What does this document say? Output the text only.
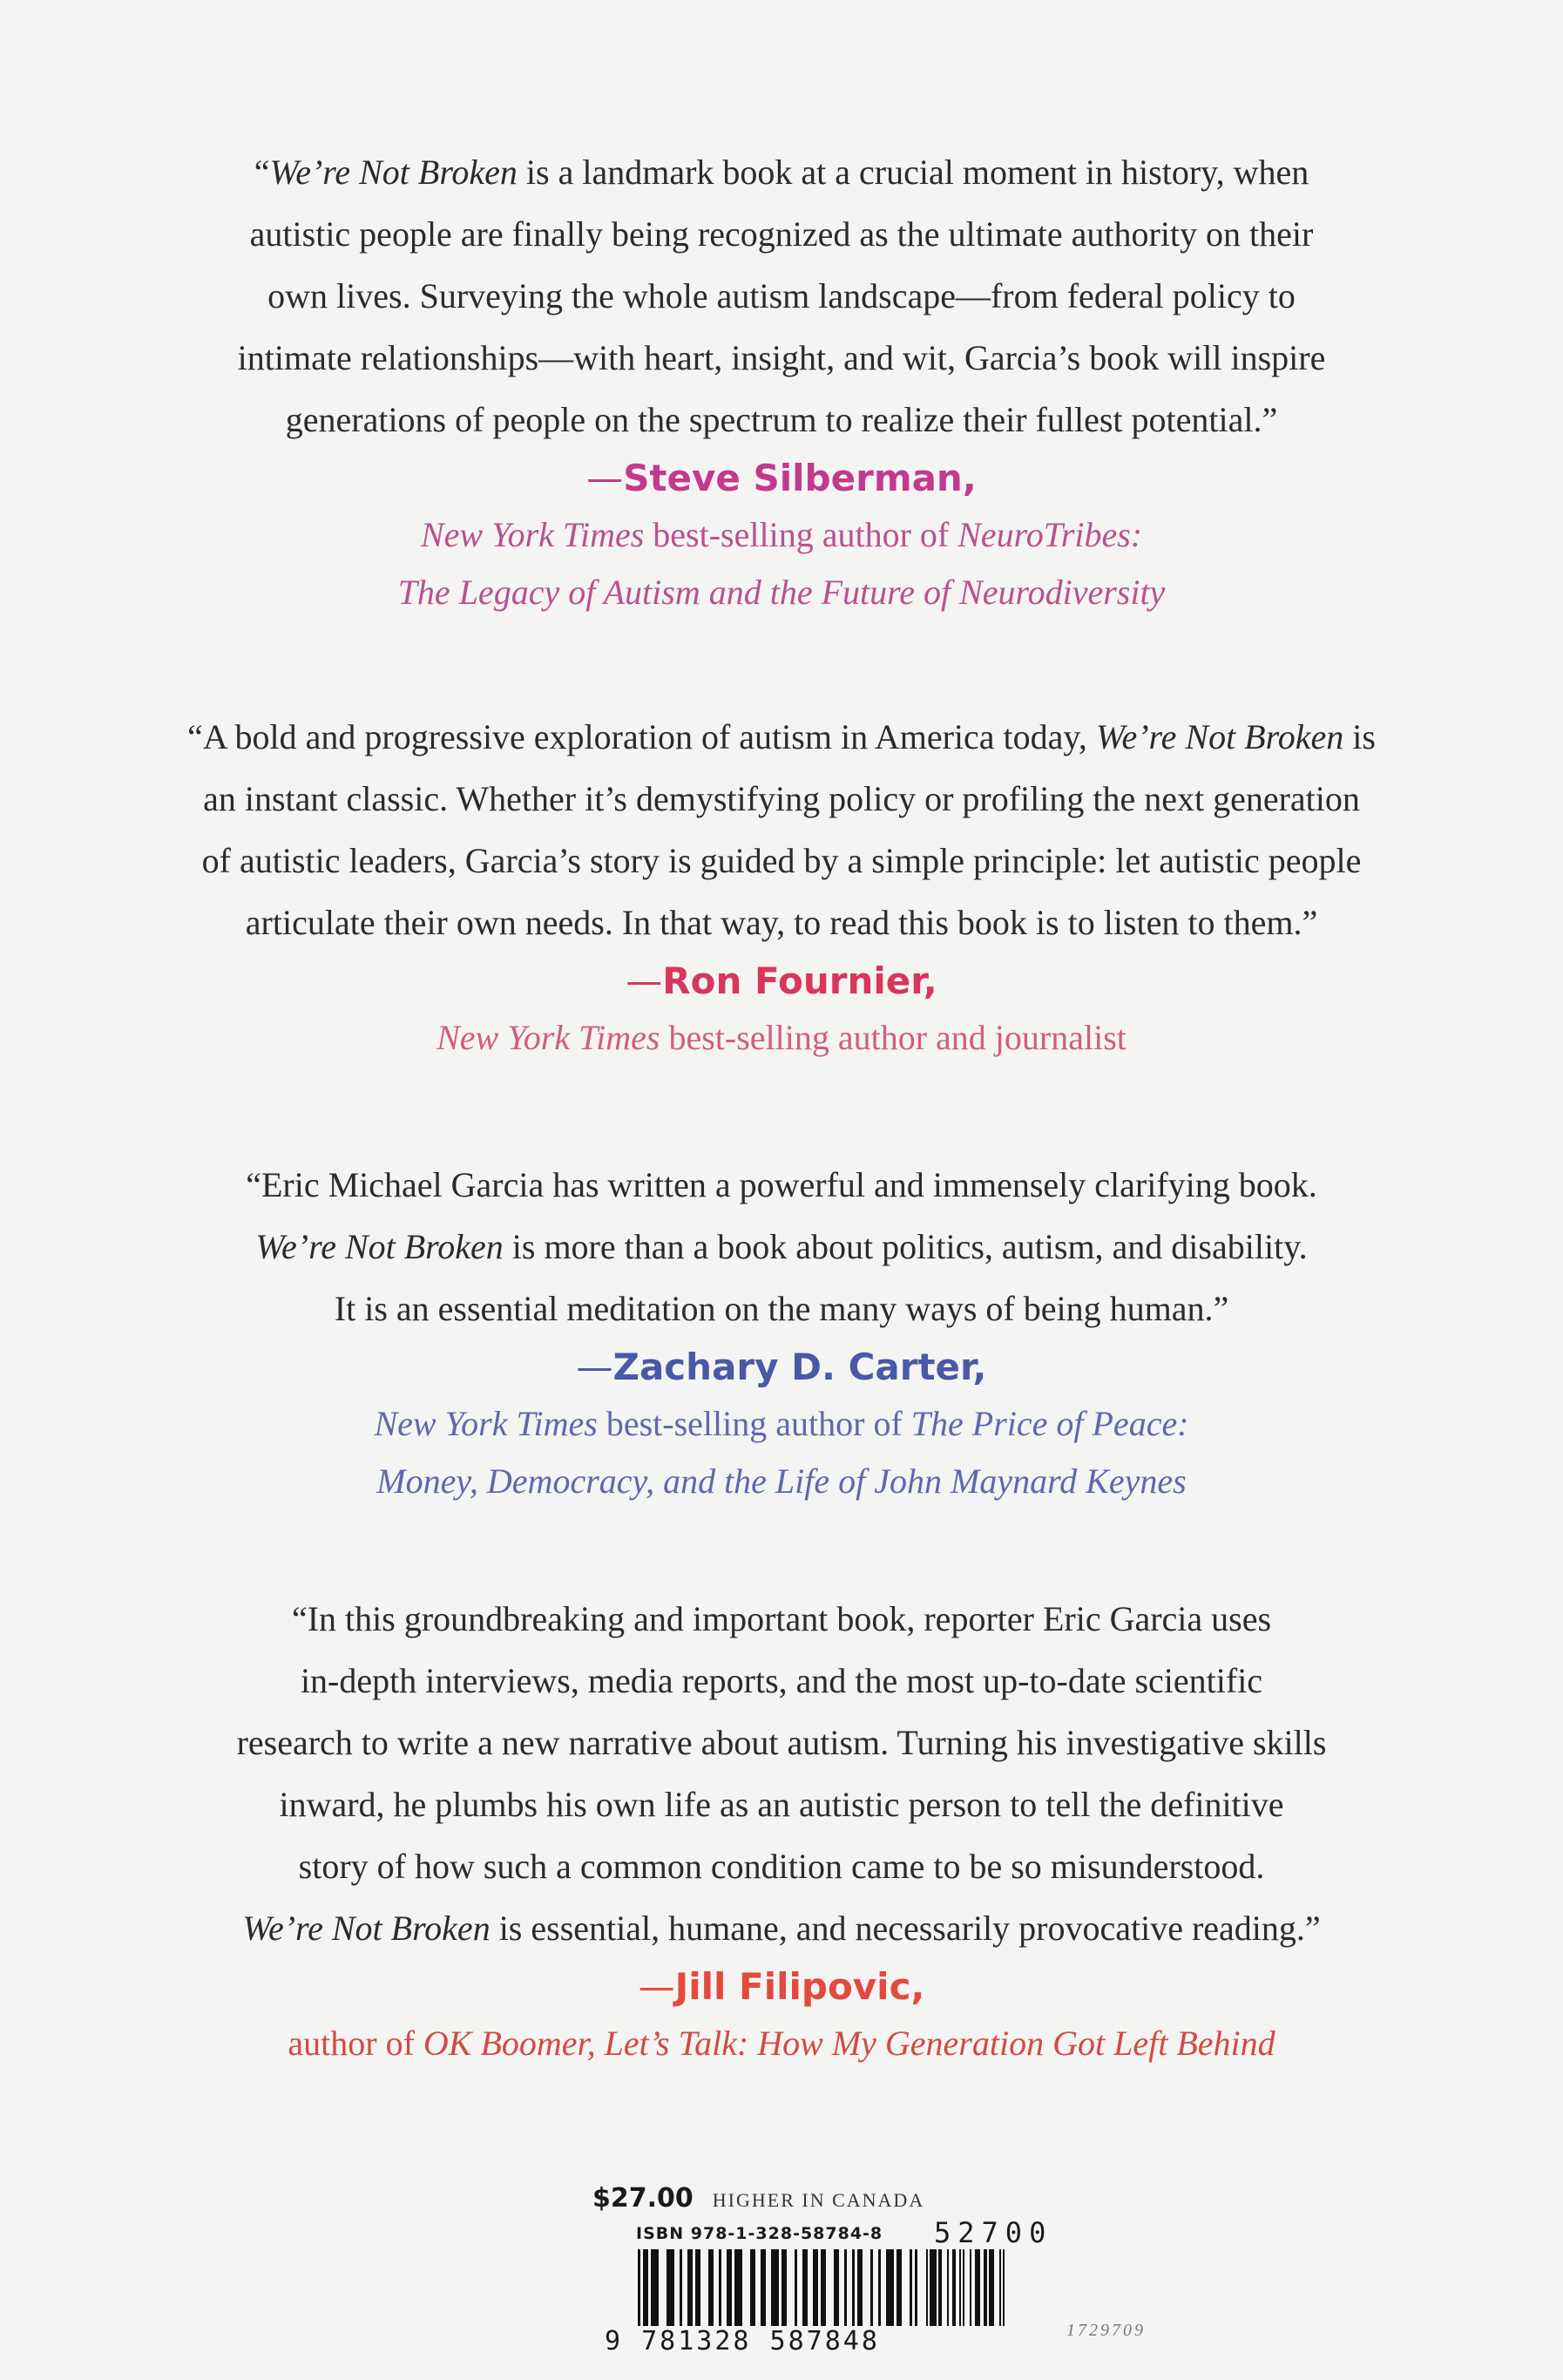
“We’re Not Broken is a landmark book at a crucial moment in history, when
autistic people are finally being recognized as the ultimate authority on their
own lives. Surveying the whole autism landscape—from federal policy to
intimate relationships—with heart, insight, and wit, Garcia’s book will inspire
generations of people on the spectrum to realize their fullest potential.”

—Steve Silberman,

New York Times best-selling author of NeuroTribes:
The Legacy of Autism and the Future of Neurodiversity

“A bold and progressive exploration of autism in America today, We’re Not Broken is
an instant classic. Whether it’s demystifying policy or profiling the next generation
of autistic leaders, Garcia’s story is guided by a simple principle: let autistic people
articulate their own needs. In that way, to read this book is to listen to them.”

—Ron Fournier,

New York Times best-selling author and journalist

“Eric Michael Garcia has written a powerful and immensely clarifying book.
We’re Not Broken is more than a book about politics, autism, and disability.
It is an essential meditation on the many ways of being human.”

—Zachary D. Carter,

New York Times best-selling author of The Price of Peace:
Money, Democracy, and the Life of John Maynard Keynes

“In this groundbreaking and important book, reporter Eric Garcia uses
in-depth interviews, media reports, and the most up-to-date scientific
research to write a new narrative about autism. Turning his investigative skills
inward, he plumbs his own life as an autistic person to tell the definitive
story of how such a common condition came to be so misunderstood.
We’re Not Broken is essential, humane, and necessarily provocative reading.”

—Jill Filipovic,

author of OK Boomer, Let’s Talk: How My Generation Got Left Behind

$27.00 HIGHER IN CANADA
ISBN 978-1-328-58784-8 52700
9 781328 587848	1729709
